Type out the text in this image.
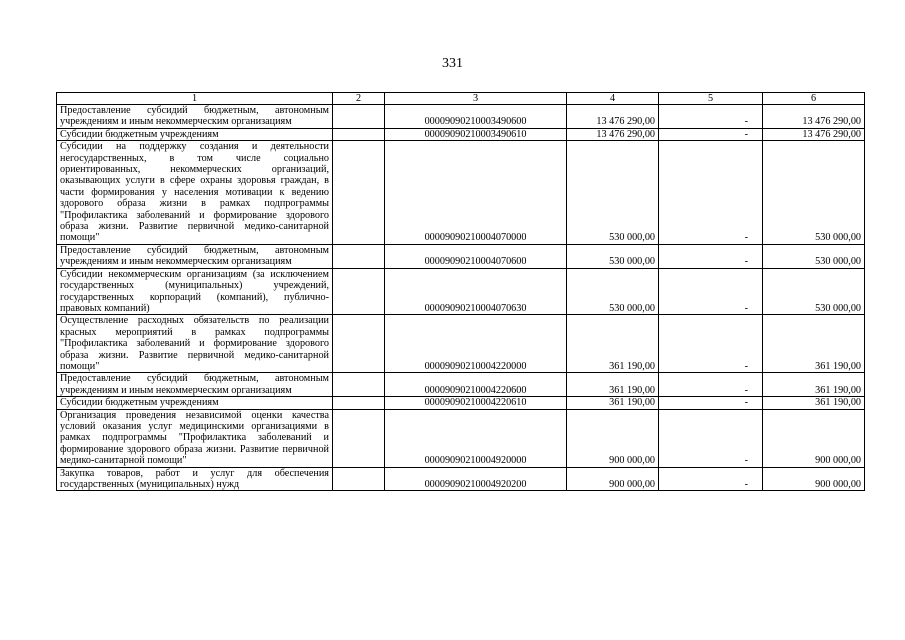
331
1	2	3	4	5	6
Предоставление субсидий бюджетным, автономным учреждениям и иным некоммерческим организациям		00009090210003490600	13 476 290,00	-	13 476 290,00
Субсидии бюджетным учреждениям		00009090210003490610	13 476 290,00	-	13 476 290,00
Субсидии на поддержку создания и деятельности негосударственных, в том числе социально ориентированных, некоммерческих организаций, оказывающих услуги в сфере охраны здоровья граждан, в части формирования у населения мотивации к ведению здорового образа жизни в рамках подпрограммы "Профилактика заболеваний и формирование здорового образа жизни. Развитие первичной медико-санитарной помощи"		00009090210004070000	530 000,00	-	530 000,00
Предоставление субсидий бюджетным, автономным учреждениям и иным некоммерческим организациям		00009090210004070600	530 000,00	-	530 000,00
Субсидии некоммерческим организациям (за исключением государственных (муниципальных) учреждений, государственных корпораций (компаний), публично-правовых компаний)		00009090210004070630	530 000,00	-	530 000,00
Осуществление расходных обязательств по реализации красных мероприятий в рамках подпрограммы "Профилактика заболеваний и формирование здорового образа жизни. Развитие первичной медико-санитарной помощи"		00009090210004220000	361 190,00	-	361 190,00
Предоставление субсидий бюджетным, автономным учреждениям и иным некоммерческим организациям		00009090210004220600	361 190,00	-	361 190,00
Субсидии бюджетным учреждениям		00009090210004220610	361 190,00	-	361 190,00
Организация проведения независимой оценки качества условий оказания услуг медицинскими организациями в рамках подпрограммы "Профилактика заболеваний и формирование здорового образа жизни. Развитие первичной медико-санитарной помощи"		00009090210004920000	900 000,00	-	900 000,00
Закупка товаров, работ и услуг для обеспечения государственных (муниципальных) нужд		00009090210004920200	900 000,00	-	900 000,00
